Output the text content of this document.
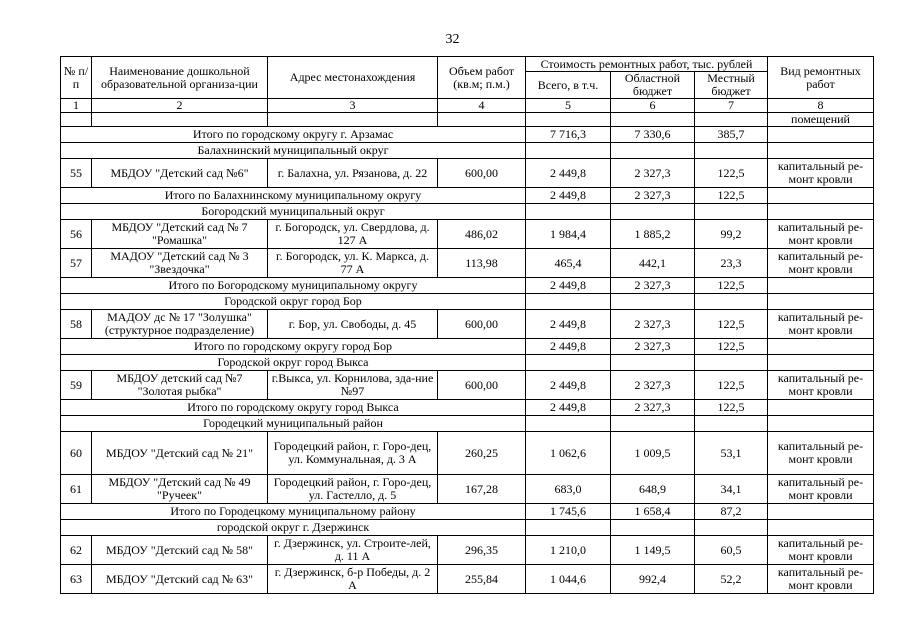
32
№ п/п	Наименование дошкольной образовательной организа-ции	Адрес местонахождения	Объем работ (кв.м; п.м.)	Стоимость ремонтных работ, тыс. рублей			Вид ремонтных работ
				Всего, в т.ч.	Областной бюджет	Местный бюджет	
1	2	3	4	5	6	7	8
							помещений
Итого по городскому округу г. Арзамас				7 716,3	7 330,6	385,7	
Балахнинский муниципальный округ							
55	МБДОУ "Детский сад №6"	г. Балахна, ул. Рязанова, д. 22	600,00	2 449,8	2 327,3	122,5	капитальный ре-монт кровли
Итого по Балахнинскому муниципальному округу				2 449,8	2 327,3	122,5	
Богородский муниципальный округ							
56	МБДОУ "Детский сад № 7 "Ромашка"	г. Богородск, ул. Свердлова, д. 127 А	486,02	1 984,4	1 885,2	99,2	капитальный ре-монт кровли
57	МАДОУ "Детский сад № 3 "Звездочка"	г. Богородск, ул. К. Маркса, д. 77 А	113,98	465,4	442,1	23,3	капитальный ре-монт кровли
Итого по Богородскому муниципальному округу				2 449,8	2 327,3	122,5	
Городской округ город Бор							
58	МАДОУ дс № 17 "Золушка" (структурное подразделение)	г. Бор, ул. Свободы, д. 45	600,00	2 449,8	2 327,3	122,5	капитальный ре-монт кровли
Итого по городскому округу город Бор				2 449,8	2 327,3	122,5	
Городской округ город Выкса							
59	МБДОУ детский сад №7 "Золотая рыбка"	г.Выкса, ул. Корнилова, зда-ние №97	600,00	2 449,8	2 327,3	122,5	капитальный ре-монт кровли
Итого по городскому округу город Выкса				2 449,8	2 327,3	122,5	
Городецкий муниципальный район							
60	МБДОУ "Детский сад № 21"	Городецкий район, г. Горо-дец, ул. Коммунальная, д. 3 А	260,25	1 062,6	1 009,5	53,1	капитальный ре-монт кровли
61	МБДОУ "Детский сад № 49 "Ручеек"	Городецкий район, г. Горо-дец, ул. Гастелло, д. 5	167,28	683,0	648,9	34,1	капитальный ре-монт кровли
Итого по Городецкому муниципальному району				1 745,6	1 658,4	87,2	
городской округ г. Дзержинск							
62	МБДОУ "Детский сад № 58"	г. Дзержинск, ул. Строите-лей, д. 11 А	296,35	1 210,0	1 149,5	60,5	капитальный ре-монт кровли
63	МБДОУ "Детский сад № 63"	г. Дзержинск, б-р Победы, д. 2 А	255,84	1 044,6	992,4	52,2	капитальный ре-монт кровли
